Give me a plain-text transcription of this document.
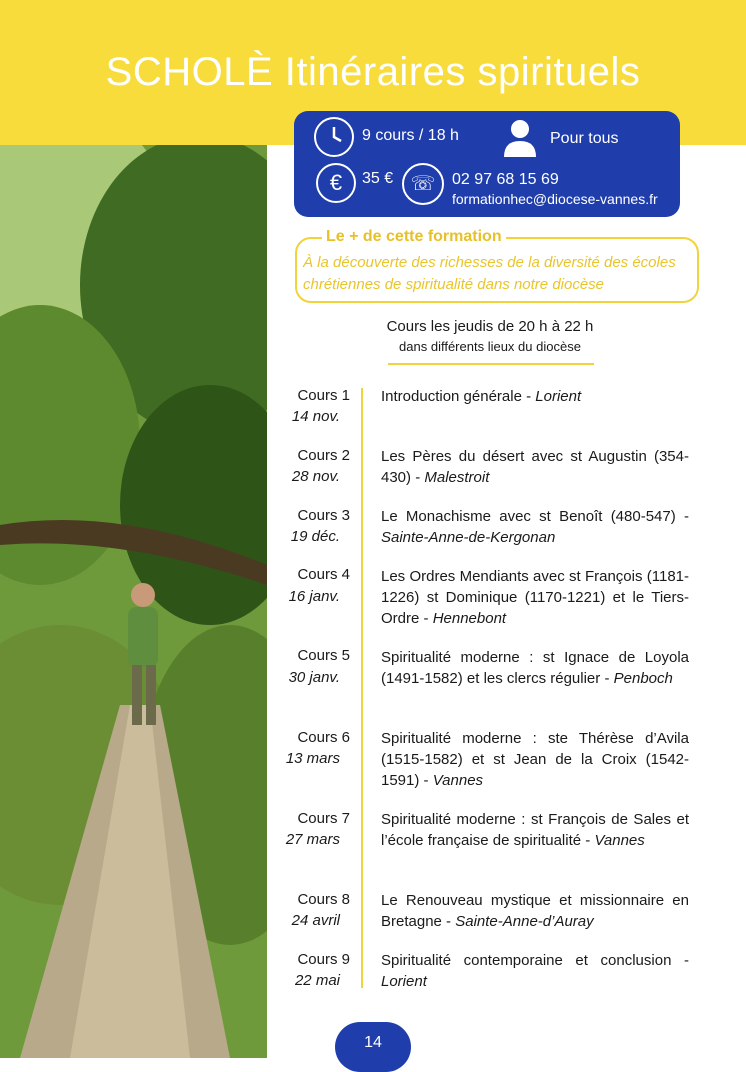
SCHOLÈ Itinéraires spirituels
9 cours / 18 h	Pour tous
€	35 € ☏	02 97 68 15 69
formationhec@diocese-vannes.fr
Le + de cette formation
À la découverte des richesses de la diversité des écoles chrétiennes de spiritualité dans notre diocèse
Cours les jeudis de 20 h à 22 h
dans différents lieux du diocèse
Cours 1
14 nov.
Introduction générale - Lorient
Cours 2
28 nov.
Les Pères du désert avec st Augustin (354-430) - Malestroit
Cours 3
19 déc.
Le Monachisme avec st Benoît (480-547) - Sainte-Anne-de-Kergonan
Cours 4
16 janv.
Les Ordres Mendiants avec st François (1181-1226) st Dominique (1170-1221) et le Tiers-Ordre - Hennebont
Cours 5
30 janv.
Spiritualité moderne : st Ignace de Loyola (1491-1582) et les clercs régulier - Penboch
Cours 6
13 mars
Spiritualité moderne : ste Thérèse d’Avila (1515-1582) et st Jean de la Croix (1542-1591) - Vannes
Cours 7
27 mars
Spiritualité moderne : st François de Sales et l’école française de spiritualité - Vannes
Cours 8
24 avril
Le Renouveau mystique et missionnaire en Bretagne - Sainte-Anne-d’Auray
Cours 9
22 mai
Spiritualité contemporaine et conclusion - Lorient
14
